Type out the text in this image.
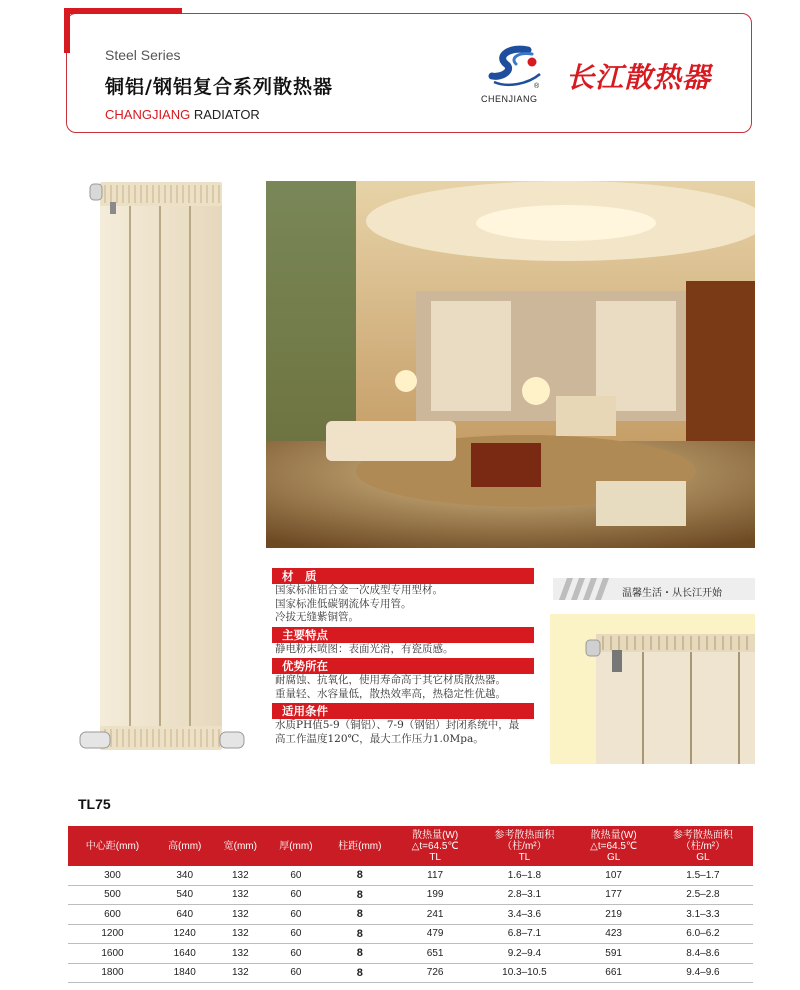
Steel Series
铜铝/钢铝复合系列散热器
CHANGJIANG RADIATOR
®
CHENJIANG
长江散热器
材　质
国家标准铝合金一次成型专用型材。
国家标准低碳钢流体专用管。
冷拔无缝紫铜管。
主要特点
静电粉末喷图：表面光滑，有瓷质感。
优势所在
耐腐蚀、抗氧化，使用寿命高于其它材质散热器。
重量轻、水容量低，散热效率高，热稳定性优越。
适用条件
水质PH值5-9（铜铝）、7-9（钢铝）封闭系统中，最
高工作温度120℃，最大工作压力1.0Mpa。
温馨生活・从长江开始
TL75
中心距(mm)	高(mm)	宽(mm)	厚(mm)	柱距(mm)	散热量(W)
△t=64.5℃
TL	参考散热面积
（柱/m²）
TL	散热量(W)
△t=64.5℃
GL	参考散热面积
（柱/m²）
GL
300	340	132	60	8	117	1.6–1.8	107	1.5–1.7
500	540	132	60	8	199	2.8–3.1	177	2.5–2.8
600	640	132	60	8	241	3.4–3.6	219	3.1–3.3
1200	1240	132	60	8	479	6.8–7.1	423	6.0–6.2
1600	1640	132	60	8	651	9.2–9.4	591	8.4–8.6
1800	1840	132	60	8	726	10.3–10.5	661	9.4–9.6
